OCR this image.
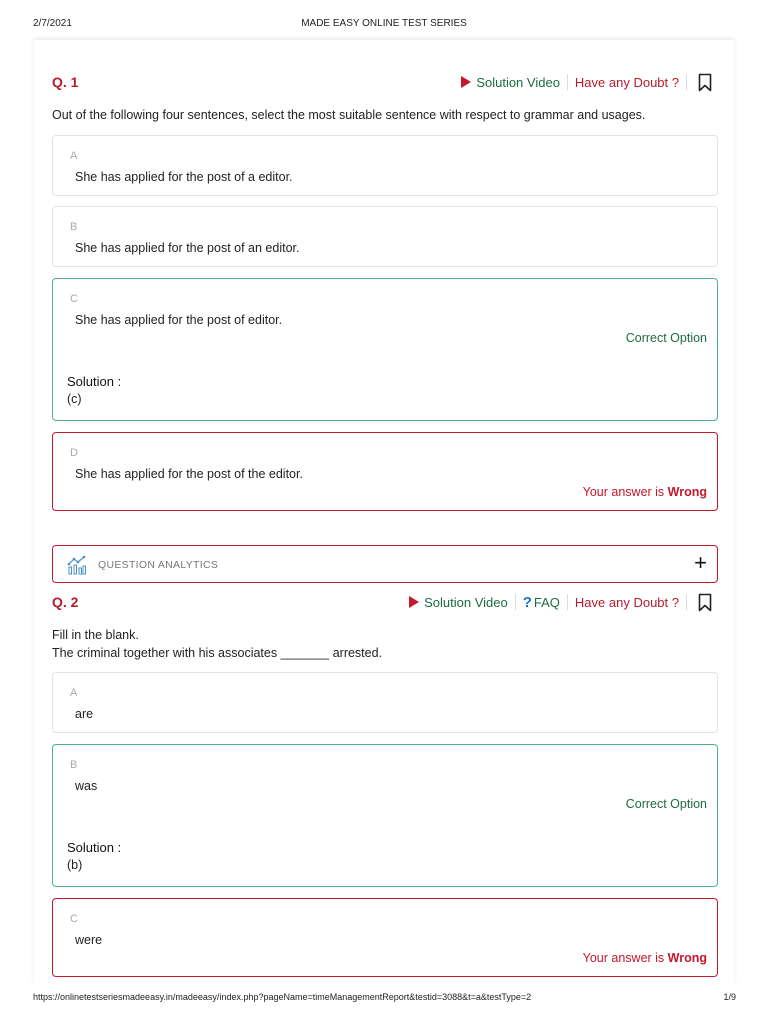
2/7/2021	MADE EASY ONLINE TEST SERIES
Q. 1	Solution Video Have any Doubt ?
Out of the following four sentences, select the most suitable sentence with respect to grammar and usages.
A
She has applied for the post of a editor.
B
She has applied for the post of an editor.
C
She has applied for the post of editor.
Correct Option
Solution :
(c)
D
She has applied for the post of the editor.
Your answer is Wrong
QUESTION ANALYTICS	+
Q. 2	Solution Video ? FAQ Have any Doubt ?
Fill in the blank.
The criminal together with his associates _______ arrested.
A
are
B
was
Correct Option
Solution :
(b)
C
were
Your answer is Wrong
https://onlinetestseriesmadeeasy.in/madeeasy/index.php?pageName=timeManagementReport&testid=3088&t=a&testType=2	1/9
